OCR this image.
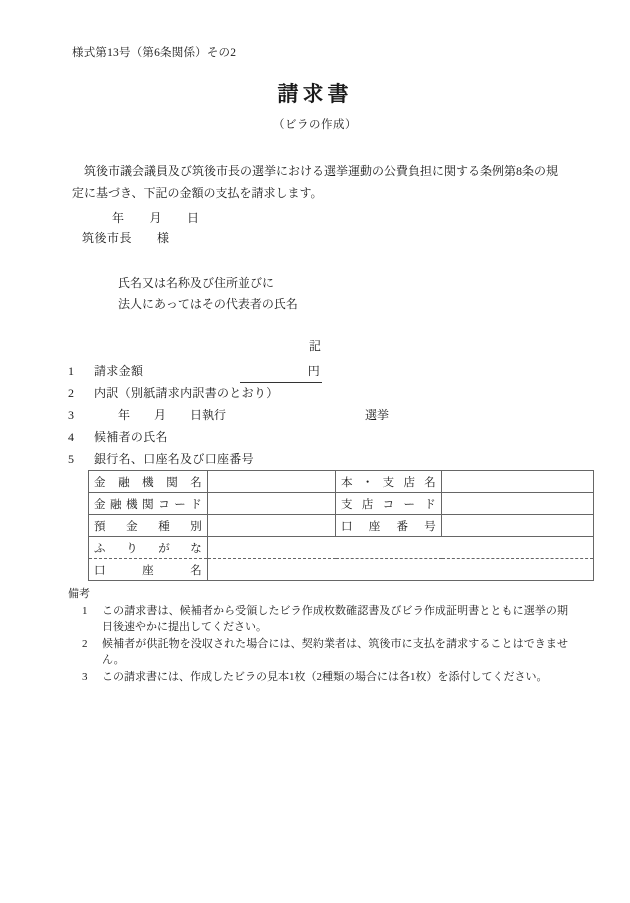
様式第13号（第6条関係）その2
請求書
（ビラの作成）
筑後市議会議員及び筑後市長の選挙における選挙運動の公費負担に関する条例第8条の規定に基づき、下記の金額の支払を請求します。
年　　月　　日
筑後市長　　様
氏名又は名称及び住所並びに
法人にあってはその代表者の氏名
記
1 請求金額	円
2 内訳（別紙請求内訳書のとおり）
3　　年　　月　　日執行	選挙
4 候補者の氏名
5 銀行名、口座名及び口座番号
金融機関名		本・支店名	
金融機関コード		支店コード	
預金種別		口座番号	
ふりがな			
口座名			
備考
1 この請求書は、候補者から受領したビラ作成枚数確認書及びビラ作成証明書とともに選挙の期日後速やかに提出してください。
2 候補者が供託物を没収された場合には、契約業者は、筑後市に支払を請求することはできません。
3 この請求書には、作成したビラの見本1枚（2種類の場合には各1枚）を添付してください。
